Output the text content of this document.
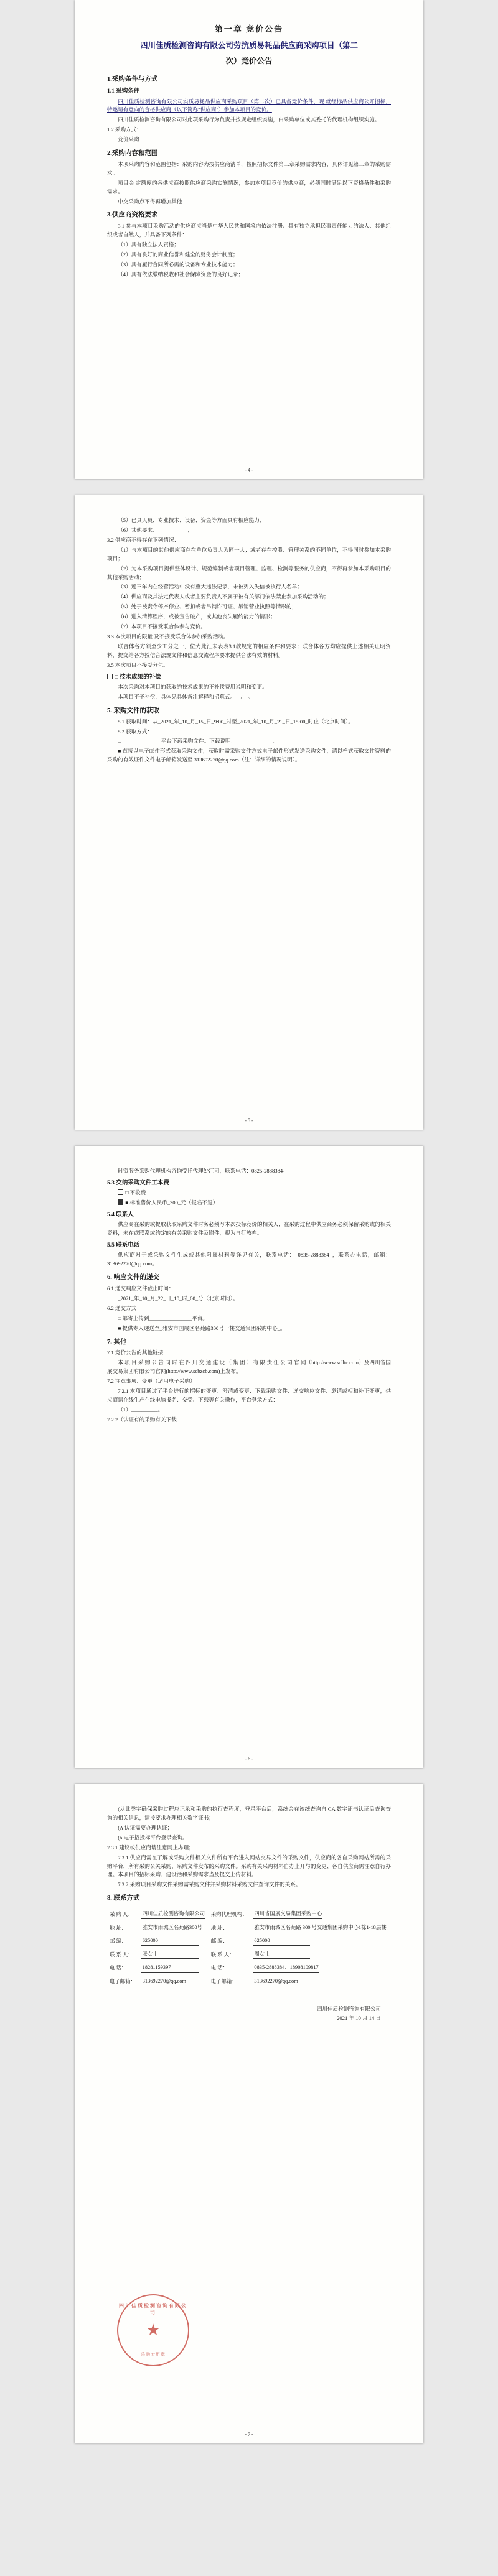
第一章 竞价公告
四川佳质检测咨询有限公司劳抗质易耗品供应商采购项目（第二
次）竞价公告
1.采购条件与方式
1.1 采购条件

四川佳质检测咨询有限公司实质易耗品供应商采购项目（第二次）已具备竞价条件，现 就经标品供应商公开招标，特邀请有意向的合格供应商（以下简称"供应商"）参加本项目的竞价。

四川佳质检测咨询有限公司对此项采购行为负责并按规定组织实施，由采购单位或其委托的代理机构组织实施。

1.2 采购方式：

竞价采购

2.采购内容和范围

本项采购内容和范围包括：采购内容为按供应商清单，按照招标文件第三章采购需求内容，具体详见第三章的采购需求。

项目金 定额度的各供应商按照供应商采购实施情况，参加本项目竞价的供应商，必须同时满足以下资格条件和采购需求。

中交采购点不得再增加其他

3.供应商资格要求

3.1 参与本项目采购活动的供应商应当是中华人民共和国境内依法注册、具有独立承担民事责任能力的法人、其他组织或者自然人，并具备下列条件：

（1）具有独立法人资格；

（2）具有良好的商业信誉和健全的财务会计制度；

（3）具有履行合同所必需的设备和专业技术能力；

（4）具有依法缴纳税收和社会保障资金的良好记录；

- 4 -

（5）已具人员、专业技术、设备、资金等方面具有相应能力；

（6）其他要求：___________；

3.2 供应商不得存在下列情况：

（1）与本项目的其他供应商存在单位负责人为同一人；或者存在控股、管理关系的不同单位，不得同时参加本采购项目；

（2）为本采购项目提供整体设计、规范编制或者项目管理、监理、检测等服务的供应商，不得再参加本采购项目的其他采购活动；

（3）近三年内在经营活动中没有重大违法记录，未被列入失信被执行人名单；

（4）供应商及其法定代表人或者主要负责人不属于被有关部门依法禁止参加采购活动的；

（5）处于被责令停产停业、暂扣或者吊销许可证、吊销营业执照等情形的；

（6）进入清算程序，或被宣告破产，或其他丧失履约能力的情形；

（7）本项目不接受联合体参与竞价。

3.3 本次项目的限量 及不接受联合体参加采购活动。

联合体各方须至少工分之一，位为此汇未表表3.1款规定的相应条件和要求；联合体各方均应提供上述相关证明资料，提交给各方授信合法规文件和信息交流程序要求提供合法有效的材料。

3.5 本次项目不接受分包。

□ 技术成果的补偿

本次采购对本项目的获取的技术成果的不补偿费用说明和变更。

本项目不予补偿，具体见具体备注解释和招募式。__/__。

5. 采购文件的获取

5.1 获取时间：从_2021_年_10_月_15_日_9:00_时至_2021_年_10_月_21_日_15:00_时止（北京时间）。

5.2 获取方式：

□ ______________ 平台下载采购文件。下载说明：______________。

■ 直接以电子邮件形式获取采购文件，获取时需采购文件方式电子邮件形式发送采购文件，请以格式获取文件资料的采购的有效证件文件电子邮箱发送至 313692270@qq.com（注：详细的情况说明）。

- 5 -

时资服务采购代理机构咨询受托代理处江司，联系电话：0825-2888384。

5.3 交纳采购文件工本费

□ 不收费

■ 标准售价人民币_300_元（报名不退）

5.4 联系人

供应商在采购或提取获取采购文件时务必须写本次投标竞价的相关人，在采购过程中供应商务必须保留采购或的相关资料，未在或联系或约定的有关采购文件及附件，视为自行放弃。

5.5 联系电话

供应商对于或采购文件生成或其他附属材料等详见有关，联系电话：_0835-2888384_，联系办电话，邮箱：313692270@qq.com。

6. 响应文件的递交

6.1 递交响应文件截止时间：

_2021_年_10_月_22_日_10_时_00_分（北京时间）。

6.2 递交方式

□ 邮寄上传到________________平台。

■ 提供专人递送至_雅安市国展区名苑路300号一楼交通集团采购中心_。

7. 其他

7.1 竞价公告的其他链接

本 项 目 采 购 公 告 同 时 在 四 川 交 通 建 设 （ 集 团 ） 有 限 责 任 公 司 官 网（http://www.sclltc.com）及四川省国展交易集团有限公司官网(http://www.scbzcb.com)上发布。

7.2 注意事项、变更（适用电子采购）

7.2.1 本项目通过了平台进行的招标的变更、澄清或变更、下载采购文件、递交响应文件、邀请或相和补正变更，供应商请在线生产在线电脑报名、交受、下载等有关操作，平台登录方式：

（1）__________。

7.2.2（认证有的采购有关下载

- 6 -

(从此类字确保采购过程应记录和采购的执行查程度，登录平台后，系统会在该统查询自 CA 数字证书认证后查询查询的相关信息，请按要求办理相关数字证书；

(A 认证需要办理认证；

(b 电子招投标平台登录查询。

7.3.1 建议或供应商请注意网上办理；

7.3.1 供应商需在了解或采购文件相关文件所有平台进入网站交易文件的采购文件，供应商的各自采购网站所需的采购平台，所有采购公关采购、采购文件发布的采购文件。采购有关采购材料自办上开与的变更、各自供应商需注意自行办理。本项目的招标采购、建设活和采购需求当及提交上传材料。

7.3.2 采购项目采购文件采购需采购文件并采购材料采购文件查询文件的关系。

8. 联系方式
采 购 人：	四川佳质检测咨询有限公司	采购代理机构：	四川省国展交易集团采购中心
地 址：	雅安市雨城区名苑路300号	地 址：	雅安市雨城区名苑路 300 号交通集团采购中心1栋1-18层楼
邮 编：	625000	邮 编：	625000
联 系 人：	张女士	联 系 人：	周女士
电 话：	18281159397	电 话：	0835-2888384、18908109817
电子邮箱：	313692270@qq.com	电子邮箱：	313692270@qq.com
四川佳质检测咨询有限公司
★
采购专用章
四川佳质检测咨询有限公司
2021 年 10 月 14 日
- 7 -
